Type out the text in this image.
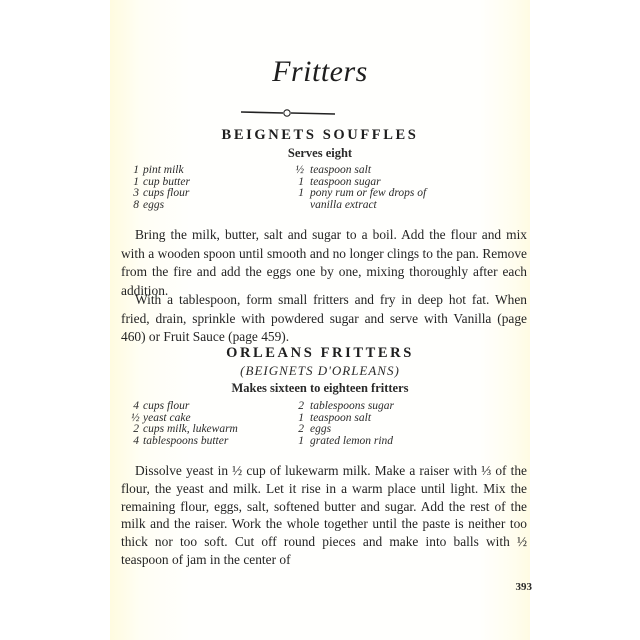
Fritters
BEIGNETS SOUFFLES
Serves eight
1 pint milk
1 cup butter
3 cups flour
8 eggs
½ teaspoon salt
1 teaspoon sugar
1 pony rum or few drops of
vanilla extract
Bring the milk, butter, salt and sugar to a boil. Add the flour and mix with a wooden spoon until smooth and no longer clings to the pan. Remove from the fire and add the eggs one by one, mixing thoroughly after each addition.
With a tablespoon, form small fritters and fry in deep hot fat. When fried, drain, sprinkle with powdered sugar and serve with Vanilla (page 460) or Fruit Sauce (page 459).
ORLEANS FRITTERS
(BEIGNETS D'ORLEANS)
Makes sixteen to eighteen fritters
4 cups flour
½ yeast cake
2 cups milk, lukewarm
4 tablespoons butter
2 tablespoons sugar
1 teaspoon salt
2 eggs
1 grated lemon rind
Dissolve yeast in ½ cup of lukewarm milk. Make a raiser with ⅓ of the flour, the yeast and milk. Let it rise in a warm place until light. Mix the remaining flour, eggs, salt, softened butter and sugar. Add the rest of the milk and the raiser. Work the whole together until the paste is neither too thick nor too soft. Cut off round pieces and make into balls with ½ teaspoon of jam in the center of
393
